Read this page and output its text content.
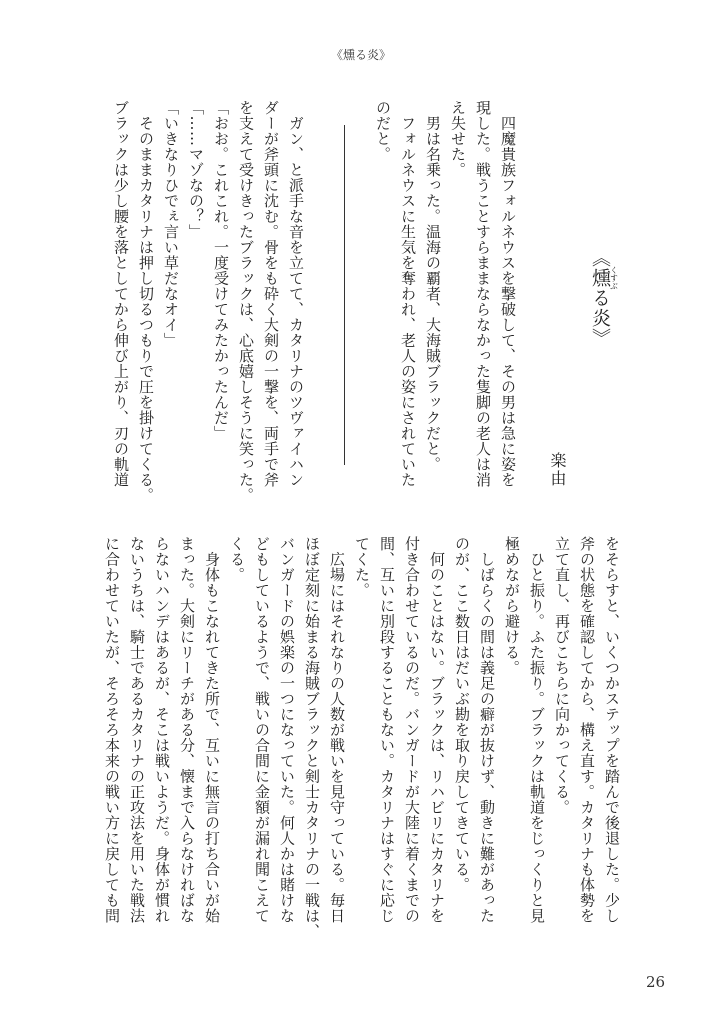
《燻る炎》
《燻くすぶる炎》
楽由
　四魔貴族フォルネウスを撃破して、その男は急に姿を
現した。戦うことすらままならなかった隻脚の老人は消
え失せた。
　男は名乗った。温海の覇者、大海賊ブラックだと。
　フォルネウスに生気を奪われ、老人の姿にされていた
のだと。
　ガン、と派手な音を立てて、カタリナのツヴァイハン
ダーが斧頭に沈む。骨をも砕く大剣の一撃を、両手で斧
を支えて受けきったブラックは、心底嬉しそうに笑った。
「おお。これこれ。一度受けてみたかったんだ」
「……マゾなの？」
「いきなりひでぇ言い草だなオイ」
　そのままカタリナは押し切るつもりで圧を掛けてくる。
ブラックは少し腰を落としてから伸び上がり、刃の軌道
をそらすと、いくつかステップを踏んで後退した。少し
斧の状態を確認してから、構え直す。カタリナも体勢を
立て直し、再びこちらに向かってくる。
　ひと振り。ふた振り。ブラックは軌道をじっくりと見
極めながら避ける。
　しばらくの間は義足の癖が抜けず、動きに難があった
のが、ここ数日はだいぶ勘を取り戻してきている。
　何のことはない。ブラックは、リハビリにカタリナを
付き合わせているのだ。バンガードが大陸に着くまでの
間、互いに別段することもない。カタリナはすぐに応じ
てくた。
　広場にはそれなりの人数が戦いを見守っている。毎日
ほぼ定刻に始まる海賊ブラックと剣士カタリナの一戦は、
バンガードの娯楽の一つになっていた。何人かは賭けな
どもしているようで、戦いの合間に金額が漏れ聞こえて
くる。
　身体もこなれてきた所で、互いに無言の打ち合いが始
まった。大剣にリーチがある分、懐まで入らなければな
らないハンデはあるが、そこは戦いようだ。身体が慣れ
ないうちは、騎士であるカタリナの正攻法を用いた戦法
に合わせていたが、そろそろ本来の戦い方に戻しても問
26
